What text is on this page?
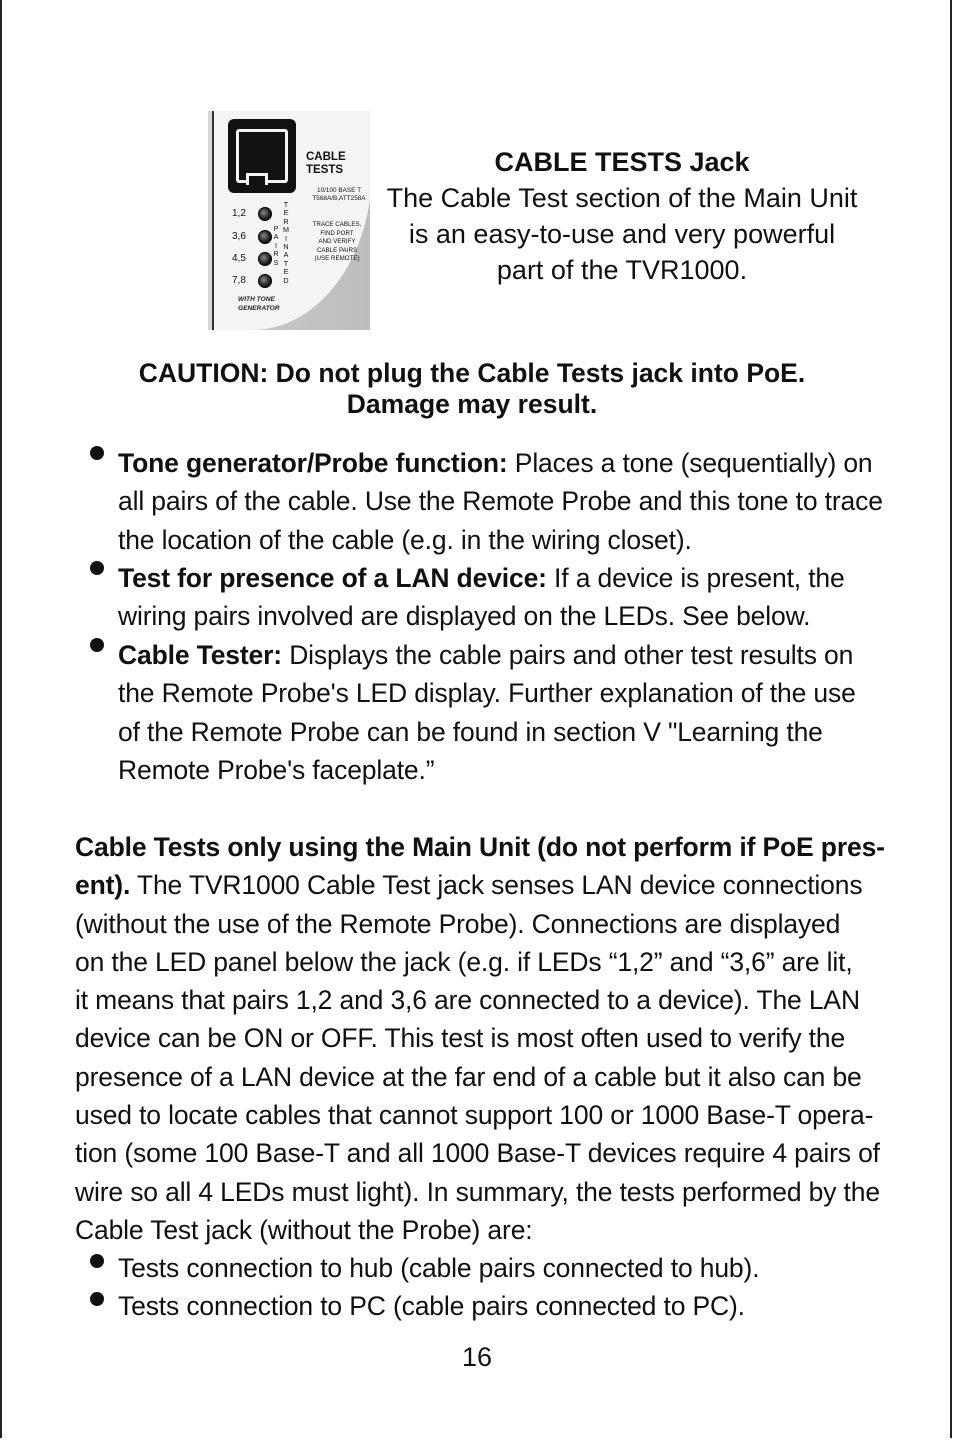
CABLE
TESTS
10/100 BASE T
T568A/B,ATT258A
TRACE CABLES,
FIND PORT
AND VERIFY
CABLE PAIRS
(USE REMOTE)
1,2
3,6
4,5
7,8
P
A
I
R
S
T
E
R
M
I
N
A
T
E
D
WITH TONE
GENERATOR
CABLE TESTS Jack
The Cable Test section of the Main Unit
is an easy-to-use and very powerful
part of the TVR1000.
CAUTION: Do not plug the Cable Tests jack into PoE.
Damage may result.
Tone generator/Probe function: Places a tone (sequentially) on
all pairs of the cable. Use the Remote Probe and this tone to trace
the location of the cable (e.g. in the wiring closet).
Test for presence of a LAN device: If a device is present, the
wiring pairs involved are displayed on the LEDs. See below.
Cable Tester: Displays the cable pairs and other test results on
the Remote Probe's LED display. Further explanation of the use
of the Remote Probe can be found in section V "Learning the
Remote Probe's faceplate.”
Cable Tests only using the Main Unit (do not perform if PoE pres-
ent). The TVR1000 Cable Test jack senses LAN device connections
(without the use of the Remote Probe). Connections are displayed
on the LED panel below the jack (e.g. if LEDs “1,2” and “3,6” are lit,
it means that pairs 1,2 and 3,6 are connected to a device). The LAN
device can be ON or OFF. This test is most often used to verify the
presence of a LAN device at the far end of a cable but it also can be
used to locate cables that cannot support 100 or 1000 Base-T opera-
tion (some 100 Base-T and all 1000 Base-T devices require 4 pairs of
wire so all 4 LEDs must light). In summary, the tests performed by the
Cable Test jack (without the Probe) are:
Tests connection to hub (cable pairs connected to hub).
Tests connection to PC (cable pairs connected to PC).
16
